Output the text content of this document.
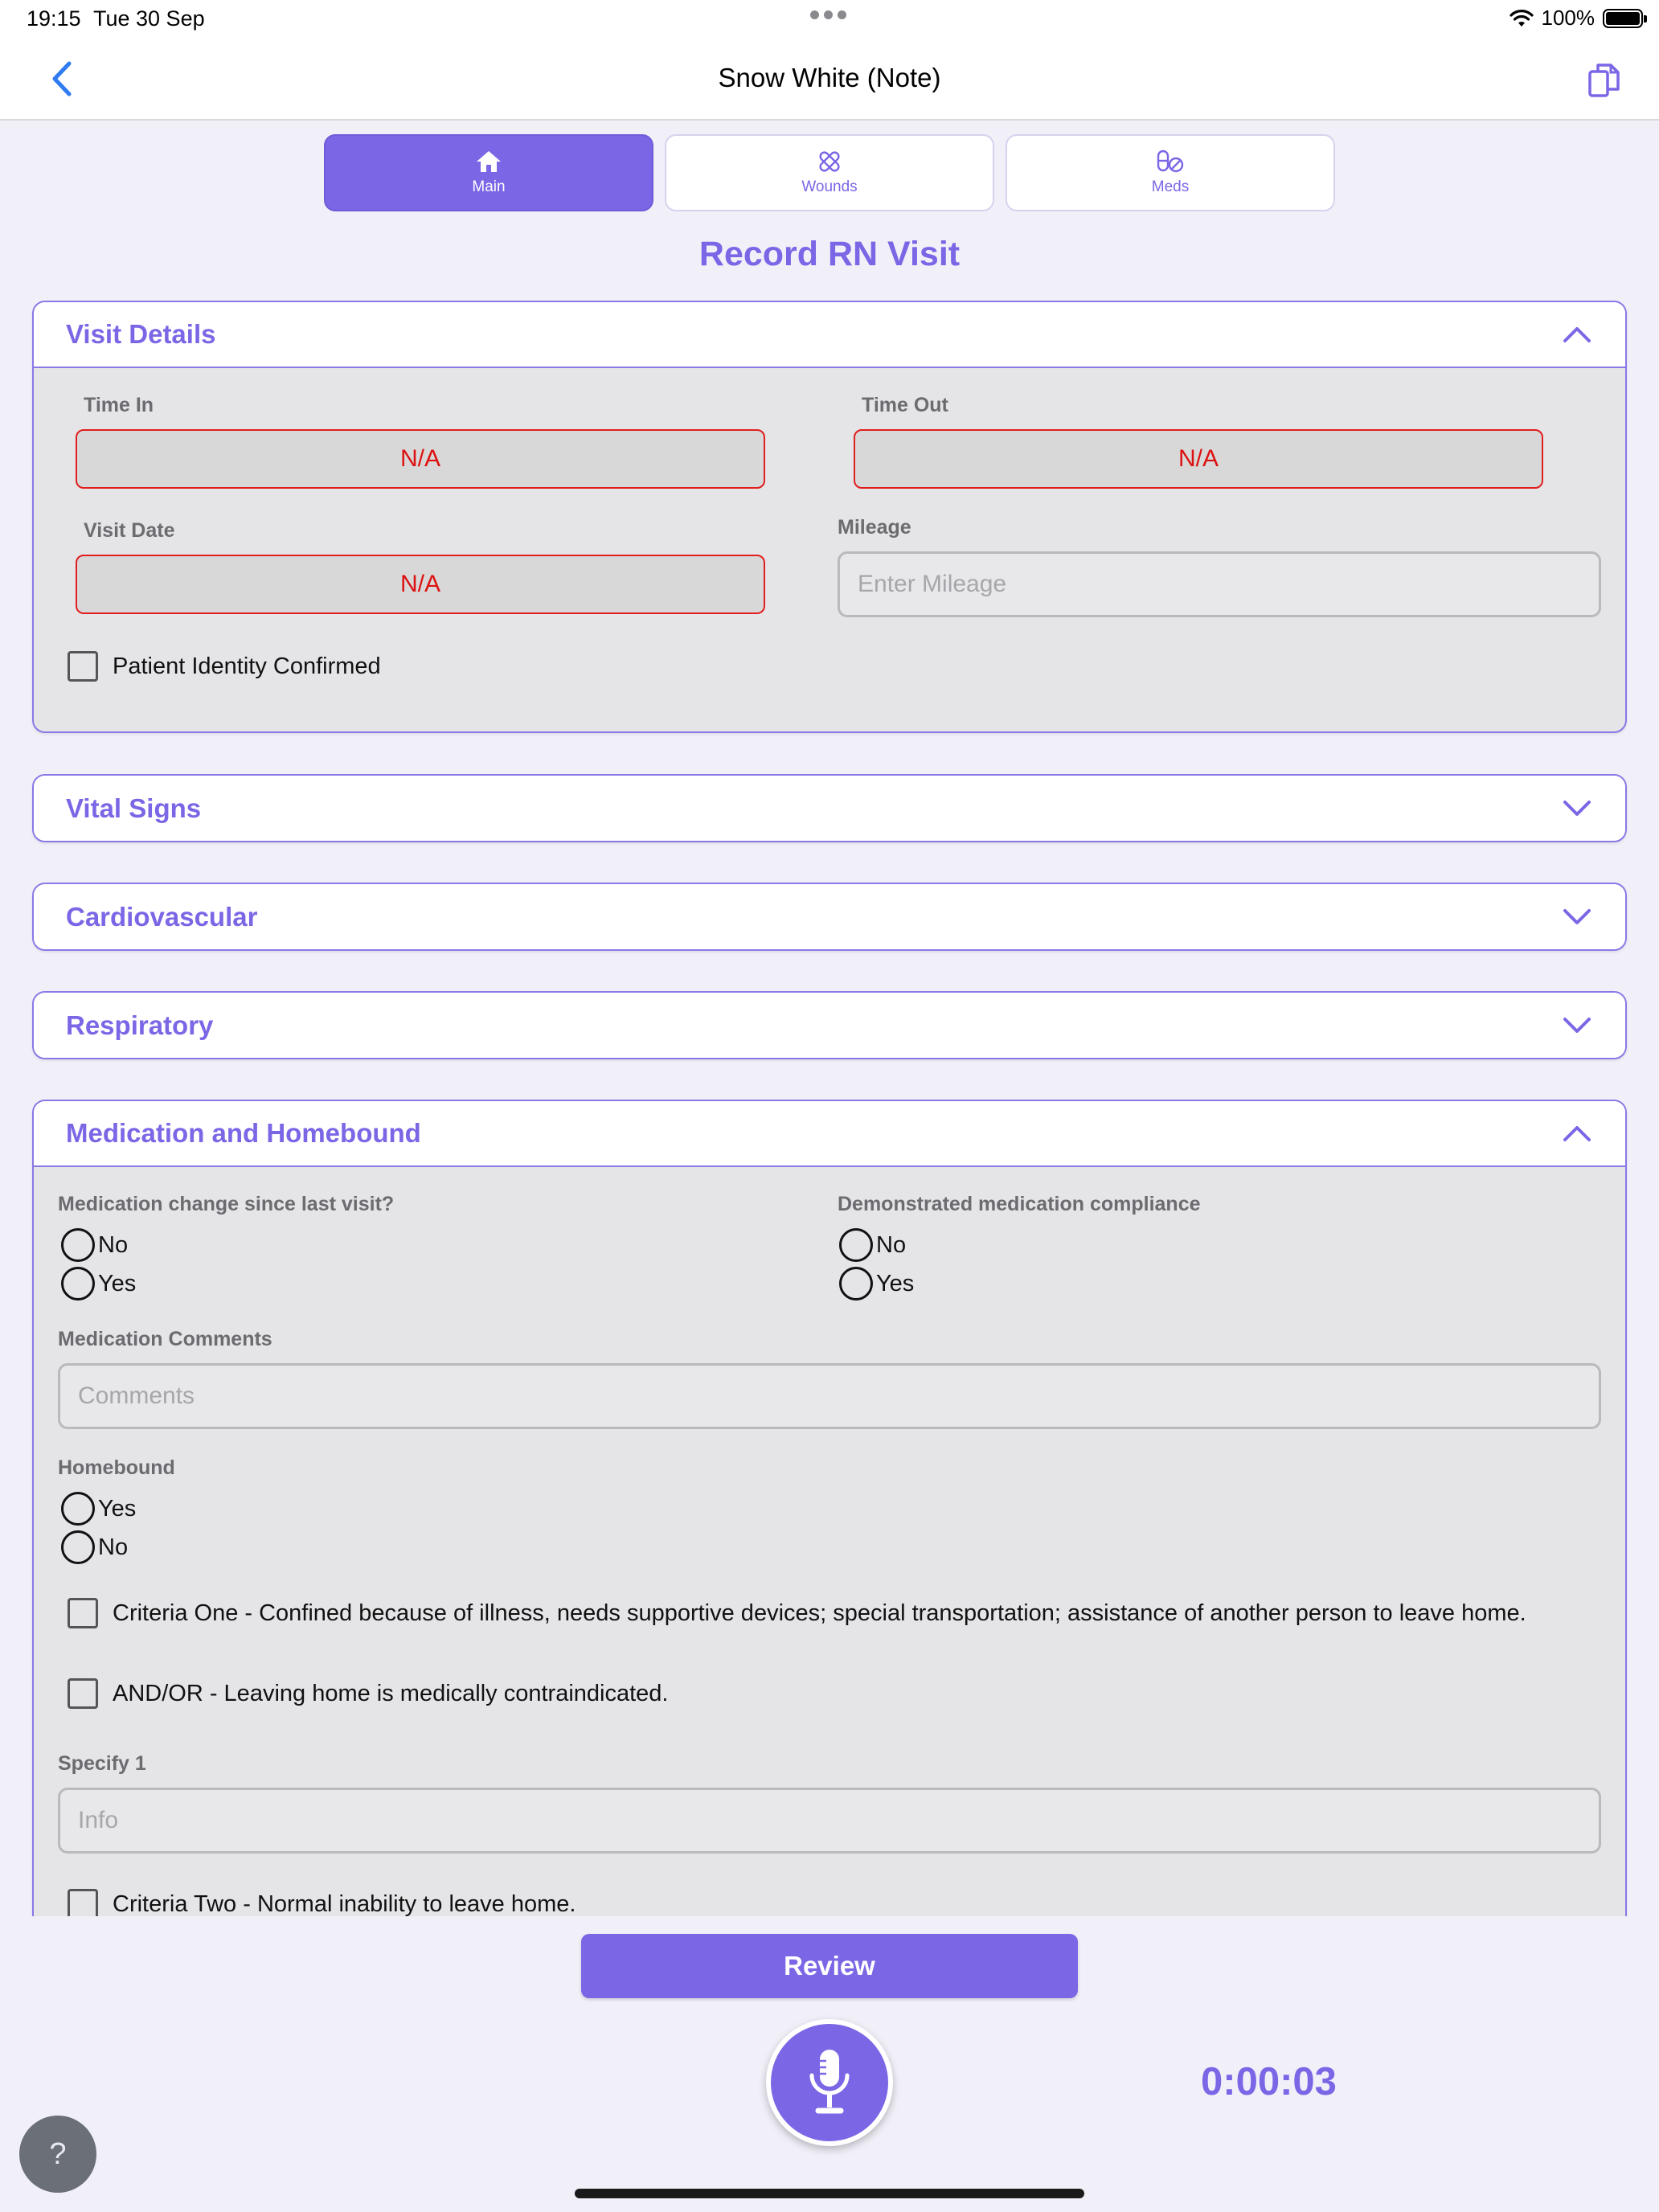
19:15 Tue 30 Sep	100%
Snow White (Note)
Main	Wounds	Meds
Record RN Visit
Visit Details
Time In
N/A
Time Out
N/A
Visit Date
N/A
Mileage
Enter Mileage
Patient Identity Confirmed
Vital Signs
Cardiovascular
Respiratory
Medication and Homebound
Medication change since last visit?
No
Yes
Demonstrated medication compliance
No
Yes
Medication Comments
Comments
Homebound
Yes
No
Criteria One - Confined because of illness, needs supportive devices; special transportation; assistance of another person to leave home.
AND/OR - Leaving home is medically contraindicated.
Specify 1
Info
Criteria Two - Normal inability to leave home.
Review
0:00:03
?
